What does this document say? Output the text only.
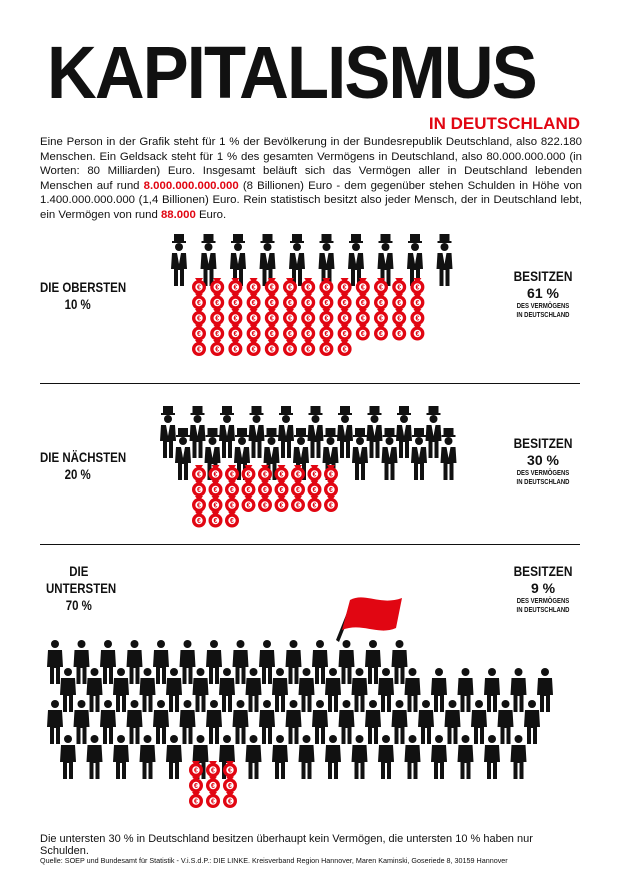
KAPITALISMUS
IN DEUTSCHLAND
Eine Person in der Grafik steht für 1 % der Bevölkerung in der Bundesrepublik Deutschland, also 822.180 Menschen. Ein Geldsack steht für 1 % des gesamten Vermögens in Deutschland, also 80.000.000.000 (in Worten: 80 Milliarden) Euro. Insgesamt beläuft sich das Vermögen aller in Deutschland lebenden Menschen auf rund 8.000.000.000.000 (8 Billionen) Euro - dem gegenüber stehen Schulden in Höhe von 1.400.000.000.000 (1,4 Billionen) Euro. Rein statistisch besitzt also jeder Mensch, der in Deutschland lebt, ein Vermögen von rund 88.000 Euro.
DIE OBERSTEN
10 %
BESITZEN
61 %
DES VERMÖGENS
IN DEUTSCHLAND
DIE NÄCHSTEN
20 %
BESITZEN
30 %
DES VERMÖGENS
IN DEUTSCHLAND
DIE
UNTERSTEN
70 %
BESITZEN
9 %
DES VERMÖGENS
IN DEUTSCHLAND
Die untersten 30 % in Deutschland besitzen überhaupt kein Vermögen, die untersten 10 % haben nur Schulden.
Quelle: SOEP und Bundesamt für Statistik - V.i.S.d.P.: DIE LINKE. Kreisverband Region Hannover, Maren Kaminski, Goseriede 8, 30159 Hannover
